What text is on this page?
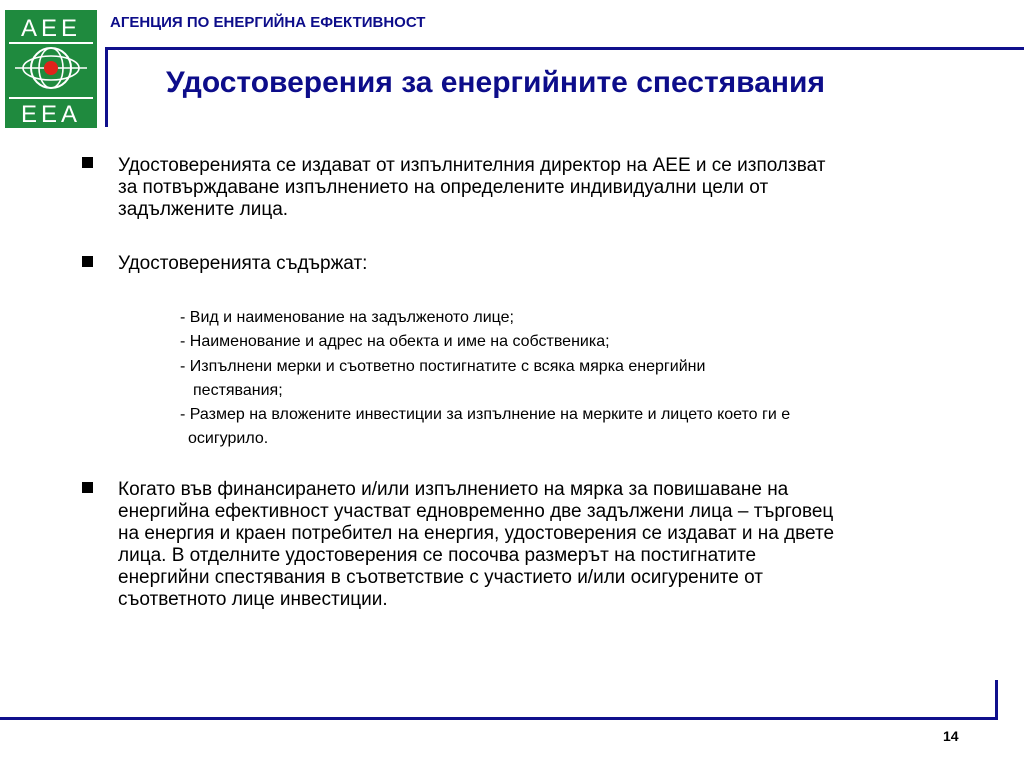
AEE
EEA
АГЕНЦИЯ ПО ЕНЕРГИЙНА ЕФЕКТИВНОСТ
Удостоверения за енергийните спестявания
Удостоверенията се издават от изпълнителния директор на АЕЕ и се използват
за потвърждаване изпълнението на определените индивидуални цели от
задължените лица.
Удостоверенията съдържат:
- Вид и наименование на задълженото лице;
- Наименование и адрес на обекта и име на собственика;
- Изпълнени мерки и съответно постигнатите с всяка мярка енергийни
пестявания;
- Размер на вложените инвестиции за изпълнение на мерките и лицето което ги е
осигурило.
Когато във финансирането и/или изпълнението на мярка за повишаване на
енергийна ефективност участват едновременно две задължени лица – търговец
на енергия и краен потребител на енергия, удостоверения се издават и на двете
лица. В отделните удостоверения се посочва размерът на постигнатите
енергийни спестявания в съответствие с участието и/или осигурените от
съответното лице инвестиции.
14
